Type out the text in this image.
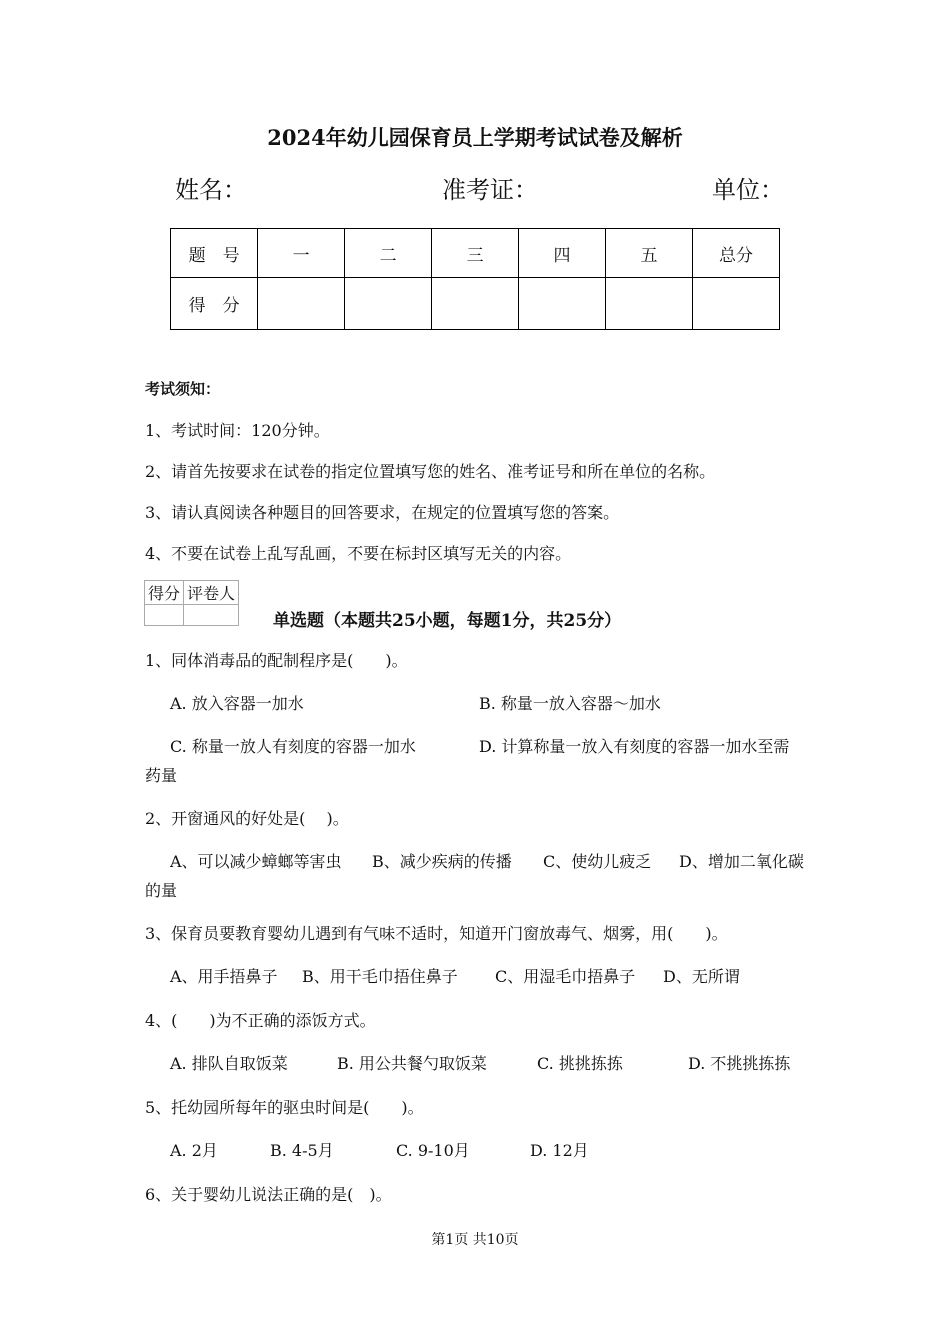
2024年幼儿园保育员上学期考试试卷及解析
姓名：	准考证：	单位：
题　号	一	二	三	四	五	总分
得　分						
考试须知：
1、考试时间：120分钟。
2、请首先按要求在试卷的指定位置填写您的姓名、准考证号和所在单位的名称。
3、请认真阅读各种题目的回答要求，在规定的位置填写您的答案。
4、不要在试卷上乱写乱画，不要在标封区填写无关的内容。
得分	评卷人

单选题（本题共25小题，每题1分，共25分）
1、同体消毒品的配制程序是(　　)。
A. 放入容器一加水	B. 称量一放入容器～加水
C. 称量一放人有刻度的容器一加水	D. 计算称量一放入有刻度的容器一加水至需
药量
2、开窗通风的好处是(　 )。
A、可以减少蟑螂等害虫 B、减少疾病的传播 C、使幼儿疲乏 D、增加二氧化碳
的量
3、保育员要教育婴幼儿遇到有气味不适时，知道开门窗放毒气、烟雾，用(　　)。
A、用手捂鼻子 B、用干毛巾捂住鼻子 C、用湿毛巾捂鼻子 D、无所谓
4、(　　)为不正确的添饭方式。
A. 排队自取饭菜	B. 用公共餐勺取饭菜	C. 挑挑拣拣	D. 不挑挑拣拣
5、托幼园所每年的驱虫时间是(　　)。
A. 2月	B. 4-5月	C. 9-10月	D. 12月
6、关于婴幼儿说法正确的是(　)。
第1页 共10页
